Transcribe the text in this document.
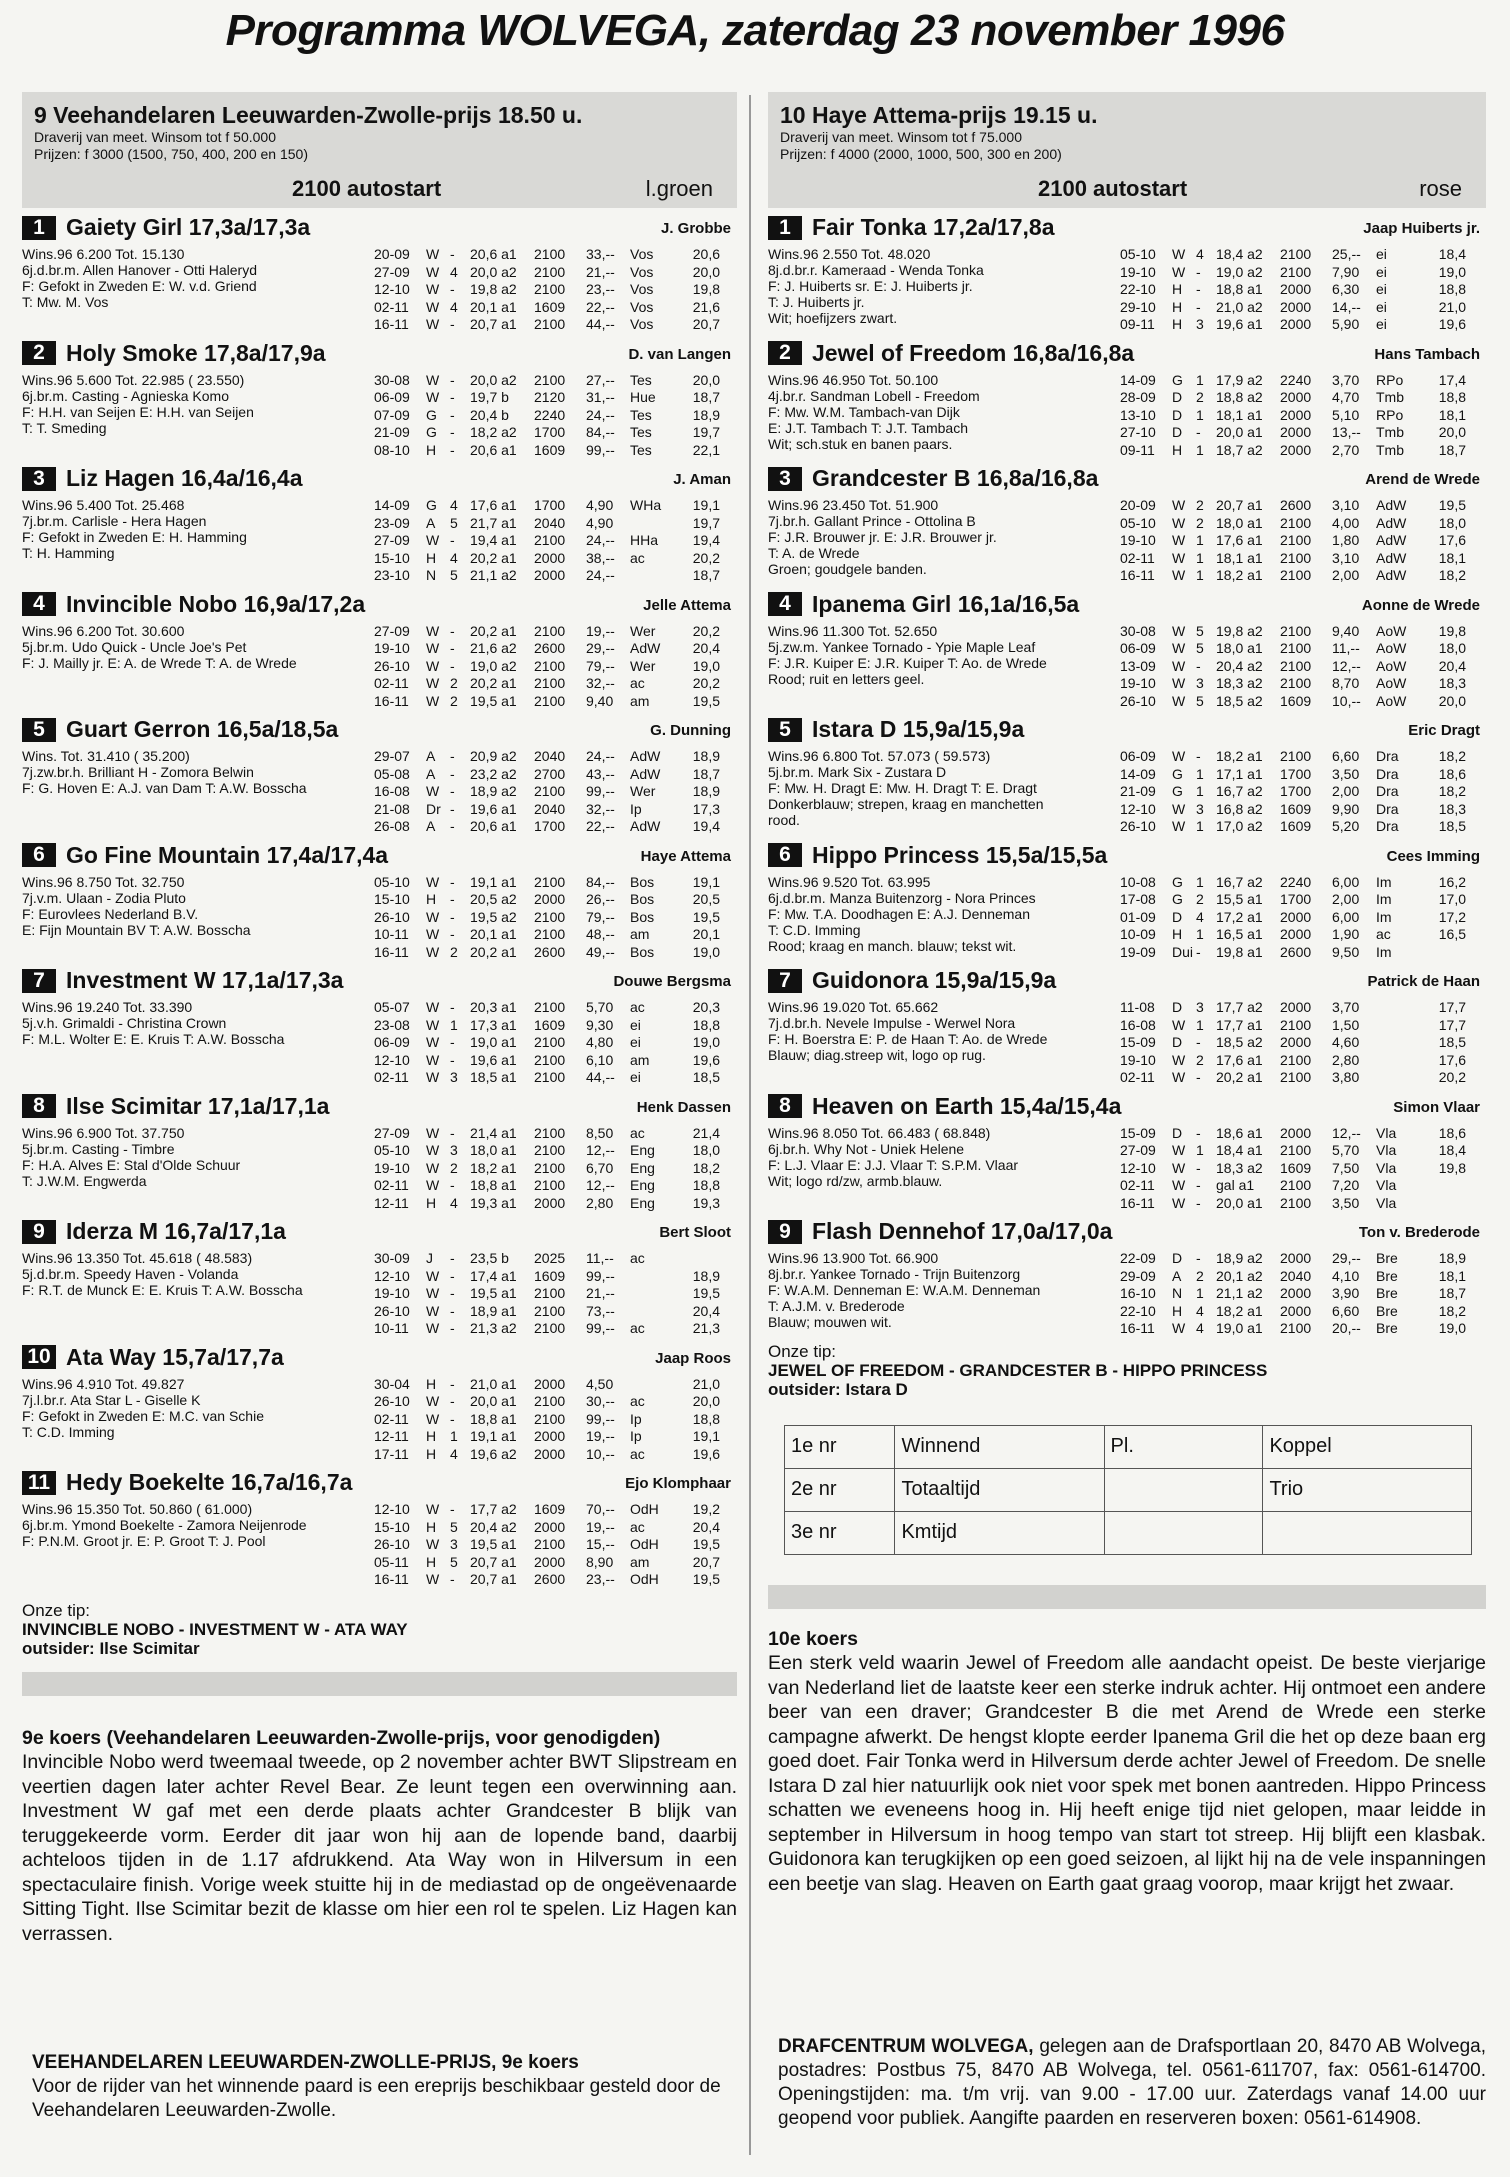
Programma WOLVEGA, zaterdag 23 november 1996
9 Veehandelaren Leeuwarden-Zwolle-prijs 18.50 u.
Draverij van meet. Winsom tot f 50.000
Prijzen: f 3000 (1500, 750, 400, 200 en 150)
2100 autostart	l.groen
1 Gaiety Girl 17,3a/17,3a	J. Grobbe
Wins.96 6.200 Tot. 15.130
6j.d.br.m. Allen Hanover - Otti Haleryd
F: Gefokt in Zweden E: W. v.d. Griend
T: Mw. M. Vos
20-09 W - 20,6 a1 2100 33,-- Vos	20,6
27-09 W 4 20,0 a2 2100 21,-- Vos	20,0
12-10 W - 19,8 a2 2100 23,-- Vos	19,8
02-11 W 4 20,1 a1 1609 22,-- Vos	21,6
16-11 W - 20,7 a1 2100 44,-- Vos	20,7
2 Holy Smoke 17,8a/17,9a	D. van Langen
Wins.96 5.600 Tot. 22.985 ( 23.550)
6j.br.m. Casting - Agnieska Komo
F: H.H. van Seijen E: H.H. van Seijen
T: T. Smeding
30-08 W - 20,0 a2 2100 27,-- Tes	20,0
06-09 W - 19,7 b 2120 31,-- Hue	18,7
07-09 G - 20,4 b 2240 24,-- Tes	18,9
21-09 G - 18,2 a2 1700 84,-- Tes	19,7
08-10 H - 20,6 a1 1609 99,-- Tes	22,1
3 Liz Hagen 16,4a/16,4a	J. Aman
Wins.96 5.400 Tot. 25.468
7j.br.m. Carlisle - Hera Hagen
F: Gefokt in Zweden E: H. Hamming
T: H. Hamming
14-09 G 4 17,6 a1 1700 4,90 WHa 19,1
23-09 A 5 21,7 a1 2040 4,90	19,7
27-09 W - 19,4 a1 2100 24,-- HHa 19,4
15-10 H 4 20,2 a1 2000 38,-- ac	20,2
23-10 N 5 21,1 a2 2000 24,--	18,7
4 Invincible Nobo 16,9a/17,2a	Jelle Attema
Wins.96 6.200 Tot. 30.600
5j.br.m. Udo Quick - Uncle Joe's Pet
F: J. Mailly jr. E: A. de Wrede T: A. de Wrede
27-09 W - 20,2 a1 2100 19,-- Wer	20,2
19-10 W - 21,6 a2 2600 29,-- AdW 20,4
26-10 W - 19,0 a2 2100 79,-- Wer	19,0
02-11 W 2 20,2 a1 2100 32,-- ac	20,2
16-11 W 2 19,5 a1 2100 9,40 am	19,5
5 Guart Gerron 16,5a/18,5a	G. Dunning
Wins. Tot. 31.410 ( 35.200)
7j.zw.br.h. Brilliant H - Zomora Belwin
F: G. Hoven E: A.J. van Dam T: A.W. Bosscha
29-07 A - 20,9 a2 2040 24,-- AdW 18,9
05-08 A - 23,2 a2 2700 43,-- AdW 18,7
16-08 W - 18,9 a2 2100 99,-- Wer	18,9
21-08 Dr - 19,6 a1 2040 32,-- Ip	17,3
26-08 A - 20,6 a1 1700 22,-- AdW 19,4
6 Go Fine Mountain 17,4a/17,4a	Haye Attema
Wins.96 8.750 Tot. 32.750
7j.v.m. Ulaan - Zodia Pluto
F: Eurovlees Nederland B.V.
E: Fijn Mountain BV T: A.W. Bosscha
05-10 W - 19,1 a1 2100 84,-- Bos	19,1
15-10 H - 20,5 a2 2000 26,-- Bos	20,5
26-10 W - 19,5 a2 2100 79,-- Bos	19,5
10-11 W - 20,1 a1 2100 48,-- am	20,1
16-11 W 2 20,2 a1 2600 49,-- Bos	19,0
7 Investment W 17,1a/17,3a	Douwe Bergsma
Wins.96 19.240 Tot. 33.390
5j.v.h. Grimaldi - Christina Crown
F: M.L. Wolter E: E. Kruis T: A.W. Bosscha
05-07 W - 20,3 a1 2100 5,70 ac	20,3
23-08 W 1 17,3 a1 1609 9,30 ei	18,8
06-09 W - 19,0 a1 2100 4,80 ei	19,0
12-10 W - 19,6 a1 2100 6,10 am	19,6
02-11 W 3 18,5 a1 2100 44,-- ei	18,5
8 Ilse Scimitar 17,1a/17,1a	Henk Dassen
Wins.96 6.900 Tot. 37.750
5j.br.m. Casting - Timbre
F: H.A. Alves E: Stal d'Olde Schuur
T: J.W.M. Engwerda
27-09 W - 21,4 a1 2100 8,50 ac	21,4
05-10 W 3 18,0 a1 2100 12,-- Eng	18,0
19-10 W 2 18,2 a1 2100 6,70 Eng	18,2
02-11 W - 18,8 a1 2100 12,-- Eng	18,8
12-11 H 4 19,3 a1 2000 2,80 Eng	19,3
9 Iderza M 16,7a/17,1a	Bert Sloot
Wins.96 13.350 Tot. 45.618 ( 48.583)
5j.d.br.m. Speedy Haven - Volanda
F: R.T. de Munck E: E. Kruis T: A.W. Bosscha
30-09 J - 23,5 b 2025 11,-- ac
12-10 W - 17,4 a1 1609 99,--	18,9
19-10 W - 19,5 a1 2100 21,--	19,5
26-10 W - 18,9 a1 2100 73,--	20,4
10-11 W - 21,3 a2 2100 99,-- ac	21,3
10 Ata Way 15,7a/17,7a	Jaap Roos
Wins.96 4.910 Tot. 49.827
7j.l.br.r. Ata Star L - Giselle K
F: Gefokt in Zweden E: M.C. van Schie
T: C.D. Imming
30-04 H - 21,0 a1 2000 4,50	21,0
26-10 W - 20,0 a1 2100 30,-- ac	20,0
02-11 W - 18,8 a1 2100 99,-- Ip	18,8
12-11 H 1 19,1 a1 2000 19,-- Ip	19,1
17-11 H 4 19,6 a2 2000 10,-- ac	19,6
11 Hedy Boekelte 16,7a/16,7a	Ejo Klomphaar
Wins.96 15.350 Tot. 50.860 ( 61.000)
6j.br.m. Ymond Boekelte - Zamora Neijenrode
F: P.N.M. Groot jr. E: P. Groot T: J. Pool
12-10 W - 17,7 a2 1609 70,-- OdH 19,2
15-10 H 5 20,4 a2 2000 19,-- ac	20,4
26-10 W 3 19,5 a1 2100 15,-- OdH 19,5
05-11 H 5 20,7 a1 2000 8,90 am	20,7
16-11 W - 20,7 a1 2600 23,-- OdH 19,5
Onze tip:
INVINCIBLE NOBO - INVESTMENT W - ATA WAY
outsider: Ilse Scimitar
9e koers (Veehandelaren Leeuwarden-Zwolle-prijs, voor genodigden)
Invincible Nobo werd tweemaal tweede, op 2 november achter BWT Slipstream en veertien dagen later achter Revel Bear. Ze leunt tegen een overwinning aan. Investment W gaf met een derde plaats achter Grandcester B blijk van teruggekeerde vorm. Eerder dit jaar won hij aan de lopende band, daarbij achteloos tijden in de 1.17 afdrukkend. Ata Way won in Hilversum in een spectaculaire finish. Vorige week stuitte hij in de mediastad op de ongeëvenaarde Sitting Tight. Ilse Scimitar bezit de klasse om hier een rol te spelen. Liz Hagen kan verrassen.
VEEHANDELAREN LEEUWARDEN-ZWOLLE-PRIJS, 9e koers
Voor de rijder van het winnende paard is een ereprijs beschikbaar gesteld door de Veehandelaren Leeuwarden-Zwolle.
10 Haye Attema-prijs 19.15 u.
Draverij van meet. Winsom tot f 75.000
Prijzen: f 4000 (2000, 1000, 500, 300 en 200)
2100 autostart	rose
1 Fair Tonka 17,2a/17,8a	Jaap Huiberts jr.
Wins.96 2.550 Tot. 48.020
8j.d.br.r. Kameraad - Wenda Tonka
F: J. Huiberts sr. E: J. Huiberts jr.
T: J. Huiberts jr.
Wit; hoefijzers zwart.
05-10 W 4 18,4 a2 2100 25,-- ei	18,4
19-10 W - 19,0 a2 2100 7,90 ei	19,0
22-10 H - 18,8 a1 2000 6,30 ei	18,8
29-10 H - 21,0 a2 2000 14,-- ei	21,0
09-11 H 3 19,6 a1 2000 5,90 ei	19,6
2 Jewel of Freedom 16,8a/16,8a	Hans Tambach
Wins.96 46.950 Tot. 50.100
4j.br.r. Sandman Lobell - Freedom
F: Mw. W.M. Tambach-van Dijk
E: J.T. Tambach T: J.T. Tambach
Wit; sch.stuk en banen paars.
14-09 G 1 17,9 a2 2240 3,70 RPo	17,4
28-09 D 2 18,8 a2 2000 4,70 Tmb 18,8
13-10 D 1 18,1 a1 2000 5,10 RPo	18,1
27-10 D - 20,0 a1 2000 13,-- Tmb 20,0
09-11 H 1 18,7 a2 2000 2,70 Tmb 18,7
3 Grandcester B 16,8a/16,8a	Arend de Wrede
Wins.96 23.450 Tot. 51.900
7j.br.h. Gallant Prince - Ottolina B
F: J.R. Brouwer jr. E: J.R. Brouwer jr.
T: A. de Wrede
Groen; goudgele banden.
20-09 W 2 20,7 a1 2600 3,10 AdW 19,5
05-10 W 2 18,0 a1 2100 4,00 AdW 18,0
19-10 W 1 17,6 a1 2100 1,80 AdW 17,6
02-11 W 1 18,1 a1 2100 3,10 AdW 18,1
16-11 W 1 18,2 a1 2100 2,00 AdW 18,2
4 Ipanema Girl 16,1a/16,5a	Aonne de Wrede
Wins.96 11.300 Tot. 52.650
5j.zw.m. Yankee Tornado - Ypie Maple Leaf
F: J.R. Kuiper E: J.R. Kuiper T: Ao. de Wrede
Rood; ruit en letters geel.
30-08 W 5 19,8 a2 2100 9,40 AoW 19,8
06-09 W 5 18,0 a1 2100 11,-- AoW 18,0
13-09 W - 20,4 a2 2100 12,-- AoW 20,4
19-10 W 3 18,3 a2 2100 8,70 AoW 18,3
26-10 W 5 18,5 a2 1609 10,-- AoW 20,0
5 Istara D 15,9a/15,9a	Eric Dragt
Wins.96 6.800 Tot. 57.073 ( 59.573)
5j.br.m. Mark Six - Zustara D
F: Mw. H. Dragt E: Mw. H. Dragt T: E. Dragt
Donkerblauw; strepen, kraag en manchetten
rood.
06-09 W - 18,2 a1 2100 6,60 Dra	18,2
14-09 G 1 17,1 a1 1700 3,50 Dra	18,6
21-09 G 1 16,7 a2 1700 2,00 Dra	18,2
12-10 W 3 16,8 a2 1609 9,90 Dra	18,3
26-10 W 1 17,0 a2 1609 5,20 Dra	18,5
6 Hippo Princess 15,5a/15,5a	Cees Imming
Wins.96 9.520 Tot. 63.995
6j.d.br.m. Manza Buitenzorg - Nora Princes
F: Mw. T.A. Doodhagen E: A.J. Denneman
T: C.D. Imming
Rood; kraag en manch. blauw; tekst wit.
10-08 G 1 16,7 a2 2240 6,00 Im	16,2
17-08 G 2 15,5 a1 1700 2,00 Im	17,0
01-09 D 4 17,2 a1 2000 6,00 Im	17,2
10-09 H 1 16,5 a1 2000 1,90 ac	16,5
19-09 Dui - 19,8 a1 2600 9,50 Im
7 Guidonora 15,9a/15,9a	Patrick de Haan
Wins.96 19.020 Tot. 65.662
7j.d.br.h. Nevele Impulse - Werwel Nora
F: H. Boerstra E: P. de Haan T: Ao. de Wrede
Blauw; diag.streep wit, logo op rug.
11-08 D 3 17,7 a2 2000 3,70	17,7
16-08 W 1 17,7 a1 2100 1,50	17,7
15-09 D - 18,5 a2 2000 4,60	18,5
19-10 W 2 17,6 a1 2100 2,80	17,6
02-11 W - 20,2 a1 2100 3,80	20,2
8 Heaven on Earth 15,4a/15,4a	Simon Vlaar
Wins.96 8.050 Tot. 66.483 ( 68.848)
6j.br.h. Why Not - Uniek Helene
F: L.J. Vlaar E: J.J. Vlaar T: S.P.M. Vlaar
Wit; logo rd/zw, armb.blauw.
15-09 D - 18,6 a1 2000 12,-- Vla	18,6
27-09 W 1 18,4 a1 2100 5,70 Vla	18,4
12-10 W - 18,3 a2 1609 7,50 Vla	19,8
02-11 W - gal a1 2100 7,20 Vla
16-11 W - 20,0 a1 2100 3,50 Vla
9 Flash Dennehof 17,0a/17,0a	Ton v. Brederode
Wins.96 13.900 Tot. 66.900
8j.br.r. Yankee Tornado - Trijn Buitenzorg
F: W.A.M. Denneman E: W.A.M. Denneman
T: A.J.M. v. Brederode
Blauw; mouwen wit.
22-09 D - 18,9 a2 2000 29,-- Bre	18,9
29-09 A 2 20,1 a2 2040 4,10 Bre	18,1
16-10 N 1 21,1 a2 2000 3,90 Bre	18,7
22-10 H 4 18,2 a1 2000 6,60 Bre	18,2
16-11 W 4 19,0 a1 2100 20,-- Bre	19,0
Onze tip:
JEWEL OF FREEDOM - GRANDCESTER B - HIPPO PRINCESS
outsider: Istara D
1e nr	Winnend	Pl.	Koppel
2e nr	Totaaltijd		Trio
3e nr	Kmtijd		
10e koers
Een sterk veld waarin Jewel of Freedom alle aandacht opeist. De beste vierjarige van Nederland liet de laatste keer een sterke indruk achter. Hij ontmoet een andere beer van een draver; Grandcester B die met Arend de Wrede een sterke campagne afwerkt. De hengst klopte eerder Ipanema Gril die het op deze baan erg goed doet. Fair Tonka werd in Hilversum derde achter Jewel of Freedom. De snelle Istara D zal hier natuurlijk ook niet voor spek met bonen aantreden. Hippo Princess schatten we eveneens hoog in. Hij heeft enige tijd niet gelopen, maar leidde in september in Hilversum in hoog tempo van start tot streep. Hij blijft een klasbak. Guidonora kan terugkijken op een goed seizoen, al lijkt hij na de vele inspanningen een beetje van slag. Heaven on Earth gaat graag voorop, maar krijgt het zwaar.
DRAFCENTRUM WOLVEGA, gelegen aan de Drafsportlaan 20, 8470 AB Wolvega, postadres: Postbus 75, 8470 AB Wolvega, tel. 0561-611707, fax: 0561-614700. Openingstijden: ma. t/m vrij. van 9.00 - 17.00 uur. Zaterdags vanaf 14.00 uur geopend voor publiek. Aangifte paarden en reserveren boxen: 0561-614908.
